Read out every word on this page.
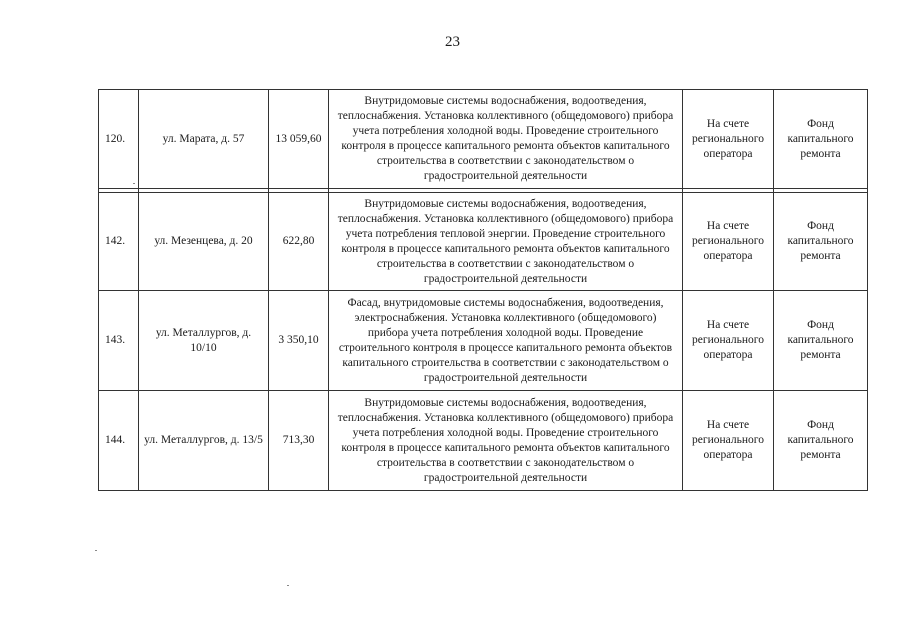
23
120.	ул. Марата, д. 57	13 059,60	Внутридомовые системы водоснабжения, водоотведения, теплоснабжения. Установка коллективного (общедомового) прибора учета потребления холодной воды. Проведение строительного контроля в процессе капитального ремонта объектов капитального строительства в соответствии с законодательством о градостроительной деятельности	На счете регионального оператора	Фонд капитального ремонта

142.	ул. Мезенцева, д. 20	622,80	Внутридомовые системы водоснабжения, водоотведения, теплоснабжения. Установка коллективного (общедомового) прибора учета потребления тепловой энергии. Проведение строительного контроля в процессе капитального ремонта объектов капитального строительства в соответствии с законодательством о градостроительной деятельности	На счете регионального оператора	Фонд капитального ремонта
143.	ул. Металлургов, д. 10/10	3 350,10	Фасад, внутридомовые системы водоснабжения, водоотведения, электроснабжения. Установка коллективного (общедомового) прибора учета потребления холодной воды. Проведение строительного контроля в процессе капитального ремонта объектов капитального строительства в соответствии с законодательством о градостроительной деятельности	На счете регионального оператора	Фонд капитального ремонта
144.	ул. Металлургов, д. 13/5	713,30	Внутридомовые системы водоснабжения, водоотведения, теплоснабжения. Установка коллективного (общедомового) прибора учета потребления холодной воды. Проведение строительного контроля в процессе капитального ремонта объектов капитального строительства в соответствии с законодательством о градостроительной деятельности	На счете регионального оператора	Фонд капитального ремонта
